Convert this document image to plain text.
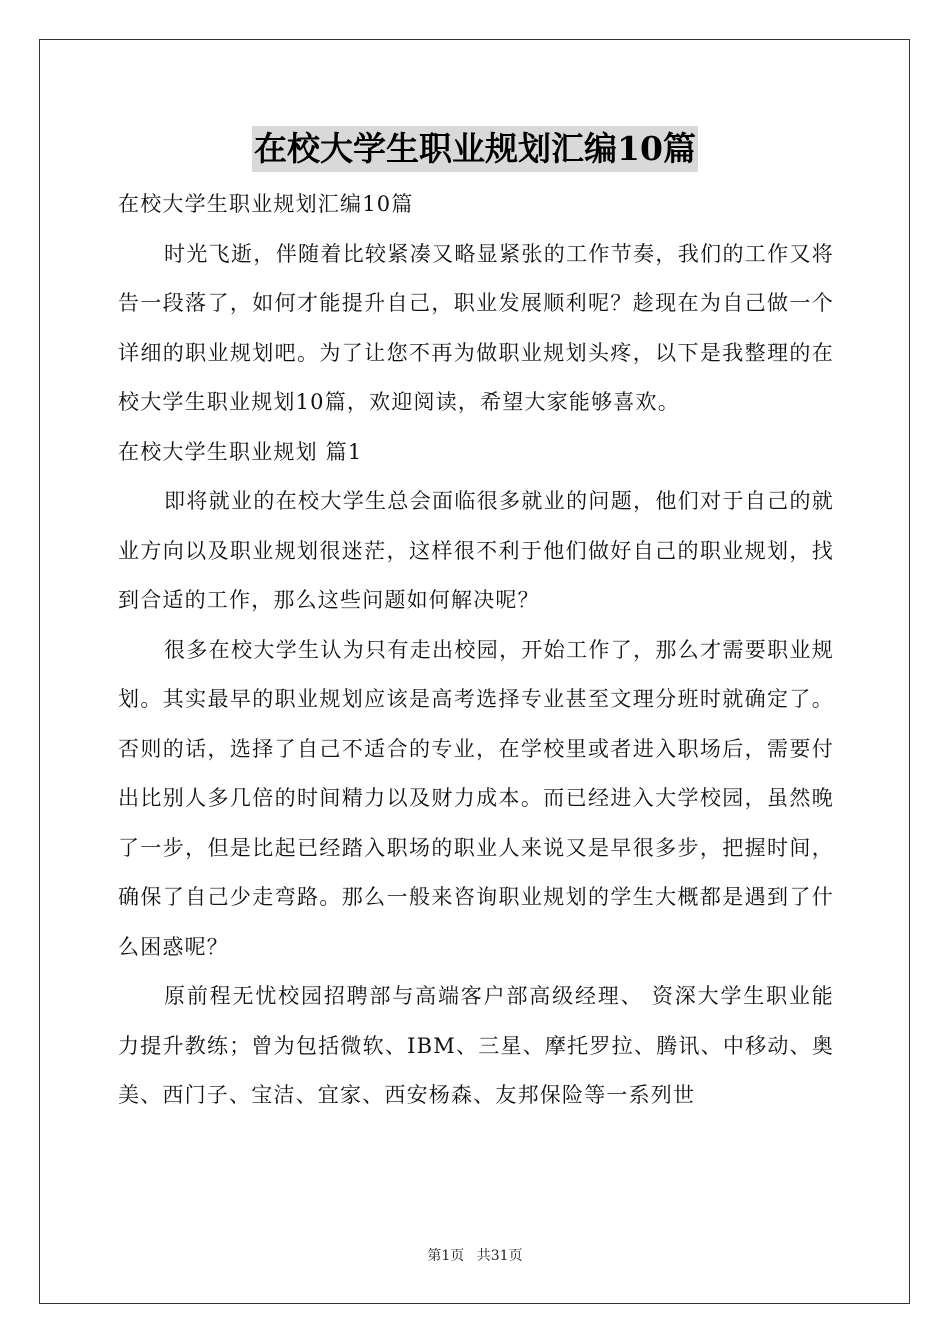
在校大学生职业规划汇编10篇

在校大学生职业规划汇编10篇

时光飞逝，伴随着比较紧凑又略显紧张的工作节奏，我们的工作又将告一段落了，如何才能提升自己，职业发展顺利呢？趁现在为自己做一个详细的职业规划吧。为了让您不再为做职业规划头疼，以下是我整理的在校大学生职业规划10篇，欢迎阅读，希望大家能够喜欢。

在校大学生职业规划 篇1

即将就业的在校大学生总会面临很多就业的问题，他们对于自己的就业方向以及职业规划很迷茫，这样很不利于他们做好自己的职业规划，找到合适的工作，那么这些问题如何解决呢？

很多在校大学生认为只有走出校园，开始工作了，那么才需要职业规划。其实最早的职业规划应该是高考选择专业甚至文理分班时就确定了。否则的话，选择了自己不适合的专业，在学校里或者进入职场后，需要付出比别人多几倍的时间精力以及财力成本。而已经进入大学校园，虽然晚了一步，但是比起已经踏入职场的职业人来说又是早很多步，把握时间，确保了自己少走弯路。那么一般来咨询职业规划的学生大概都是遇到了什么困惑呢？

原前程无忧校园招聘部与高端客户部高级经理、 资深大学生职业能力提升教练；曾为包括微软、IBM、三星、摩托罗拉、腾讯、中移动、奥美、西门子、宝洁、宜家、西安杨森、友邦保险等一系列世

第1页 共31页
